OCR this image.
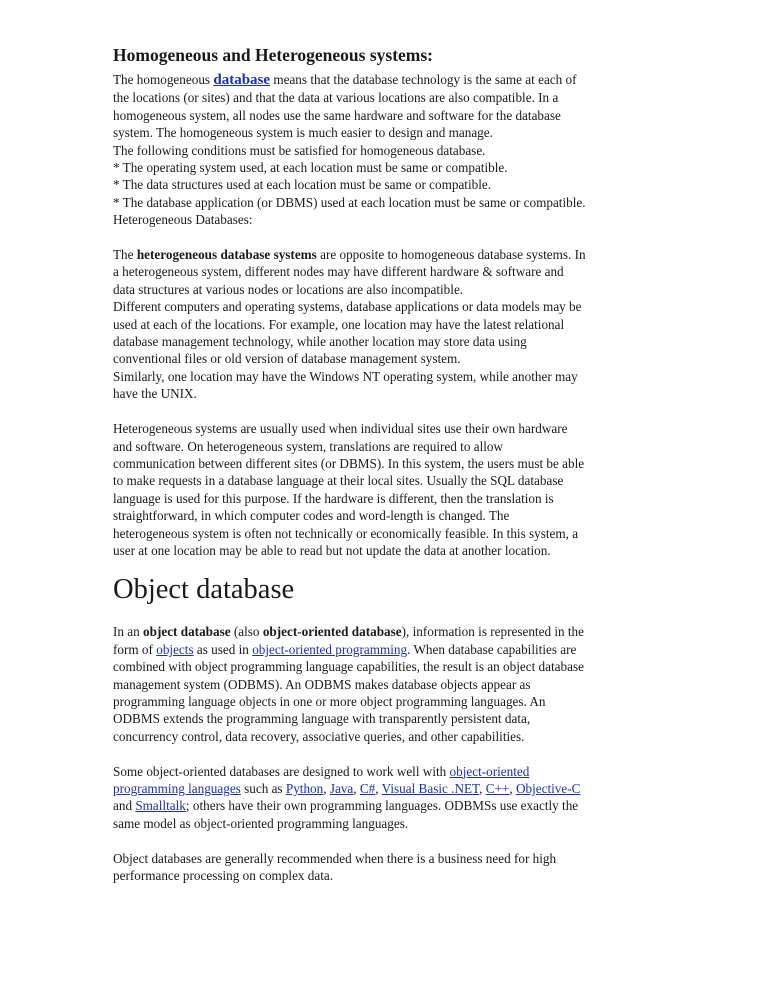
Homogeneous and Heterogeneous systems:
The homogeneous database means that the database technology is the same at each of
the locations (or sites) and that the data at various locations are also compatible. In a
homogeneous system, all nodes use the same hardware and software for the database
system. The homogeneous system is much easier to design and manage.
The following conditions must be satisfied for homogeneous database.
* The operating system used, at each location must be same or compatible.
* The data structures used at each location must be same or compatible.
* The database application (or DBMS) used at each location must be same or compatible.
Heterogeneous Databases:
The heterogeneous database systems are opposite to homogeneous database systems. In
a heterogeneous system, different nodes may have different hardware & software and
data structures at various nodes or locations are also incompatible.
Different computers and operating systems, database applications or data models may be
used at each of the locations. For example, one location may have the latest relational
database management technology, while another location may store data using
conventional files or old version of database management system.
Similarly, one location may have the Windows NT operating system, while another may
have the UNIX.
Heterogeneous systems are usually used when individual sites use their own hardware
and software. On heterogeneous system, translations are required to allow
communication between different sites (or DBMS). In this system, the users must be able
to make requests in a database language at their local sites. Usually the SQL database
language is used for this purpose. If the hardware is different, then the translation is
straightforward, in which computer codes and word-length is changed. The
heterogeneous system is often not technically or economically feasible. In this system, a
user at one location may be able to read but not update the data at another location.
Object database
In an object database (also object-oriented database), information is represented in the
form of objects as used in object-oriented programming. When database capabilities are
combined with object programming language capabilities, the result is an object database
management system (ODBMS). An ODBMS makes database objects appear as
programming language objects in one or more object programming languages. An
ODBMS extends the programming language with transparently persistent data,
concurrency control, data recovery, associative queries, and other capabilities.
Some object-oriented databases are designed to work well with object-oriented
programming languages such as Python, Java, C#, Visual Basic .NET, C++, Objective-C
and Smalltalk; others have their own programming languages. ODBMSs use exactly the
same model as object-oriented programming languages.
Object databases are generally recommended when there is a business need for high
performance processing on complex data.
